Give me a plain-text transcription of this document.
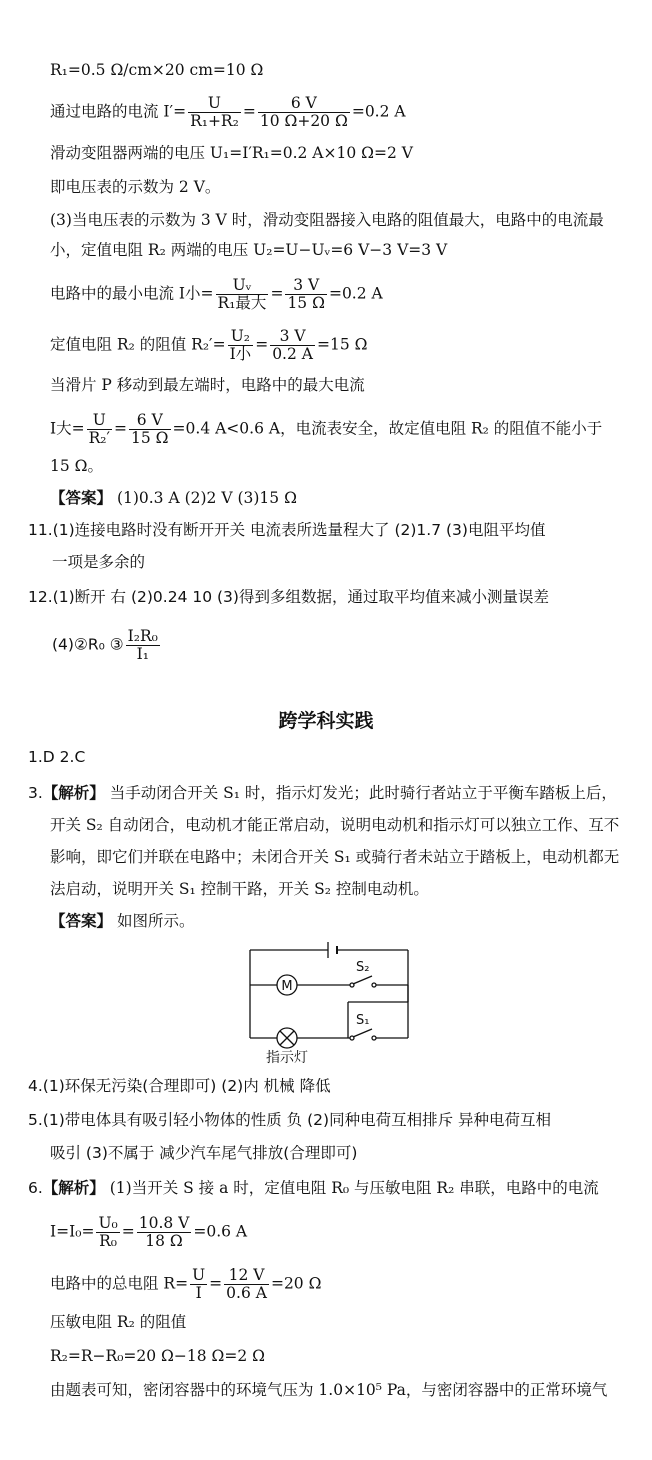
R₁=0.5 Ω/cm×20 cm=10 Ω
通过电路的电流 $I'= \frac{U}{\text{R₁+R₂}} = \frac{6 V}{10 \Omega+20 \Omega} =0.2$ A
滑动变阻器两端的电压 U₁=I′R₁=0.2 A×10 Ω=2 V
即电压表的示数为 2 V。
(3)当电压表的示数为 3 V 时，滑动变阻器接入电路的阻值最大，电路中的电流最
小，定值电阻 R₂ 两端的电压 U₂=U−Uᵥ=6 V−3 V=3 V
电路中的最小电流 I小= $\frac{\text{Uᵥ}}{\text{R₁最大}} = \frac{3 V}{15 \Omega} =0.2$ A
定值电阻 R₂ 的阻值 $R_2'= \frac{\text{U₂}}{\text{I小}} = \frac{3 V}{0.2 A} =15$ Ω
当滑片 P 移动到最左端时，电路中的最大电流
I大= $\frac{U}{\text{R₂′}} = \frac{6 V}{15 \Omega} =0.4$ A<0.6 A，电流表安全，故定值电阻 R₂ 的阻值不能小于
15 Ω。
【答案】 (1)0.3 A (2)2 V (3)15 Ω
11.(1)连接电路时没有断开开关 电流表所选量程大了 (2)1.7 (3)电阻平均值
一项是多余的
12.(1)断开 右 (2)0.24 10 (3)得到多组数据，通过取平均值来减小测量误差
(4)②R₀ ③ $\frac{\text{I₂R₀}}{\text{I₁}}$
跨学科实践
1.D 2.C
3.【解析】 当手动闭合开关 S₁ 时，指示灯发光；此时骑行者站立于平衡车踏板上后，
开关 S₂ 自动闭合，电动机才能正常启动，说明电动机和指示灯可以独立工作、互不
影响，即它们并联在电路中；未闭合开关 S₁ 或骑行者未站立于踏板上，电动机都无
法启动，说明开关 S₁ 控制干路，开关 S₂ 控制电动机。
【答案】 如图所示。
M
S₂
S₁
指示灯
4.(1)环保无污染(合理即可) (2)内 机械 降低
5.(1)带电体具有吸引轻小物体的性质 负 (2)同种电荷互相排斥 异种电荷互相
吸引 (3)不属于 减少汽车尾气排放(合理即可)
6.【解析】 (1)当开关 S 接 a 时，定值电阻 R₀ 与压敏电阻 R₂ 串联，电路中的电流
$I=I_0= \frac{\text{U₀}}{\text{R₀}} = \frac{10.8 V}{18 \Omega} =0.6$ A
电路中的总电阻 $R= \frac{U}{I} = \frac{12 V}{0.6 A} =20$ Ω
压敏电阻 R₂ 的阻值
R₂=R−R₀=20 Ω−18 Ω=2 Ω
由题表可知，密闭容器中的环境气压为 1.0×10⁵ Pa，与密闭容器中的正常环境气
